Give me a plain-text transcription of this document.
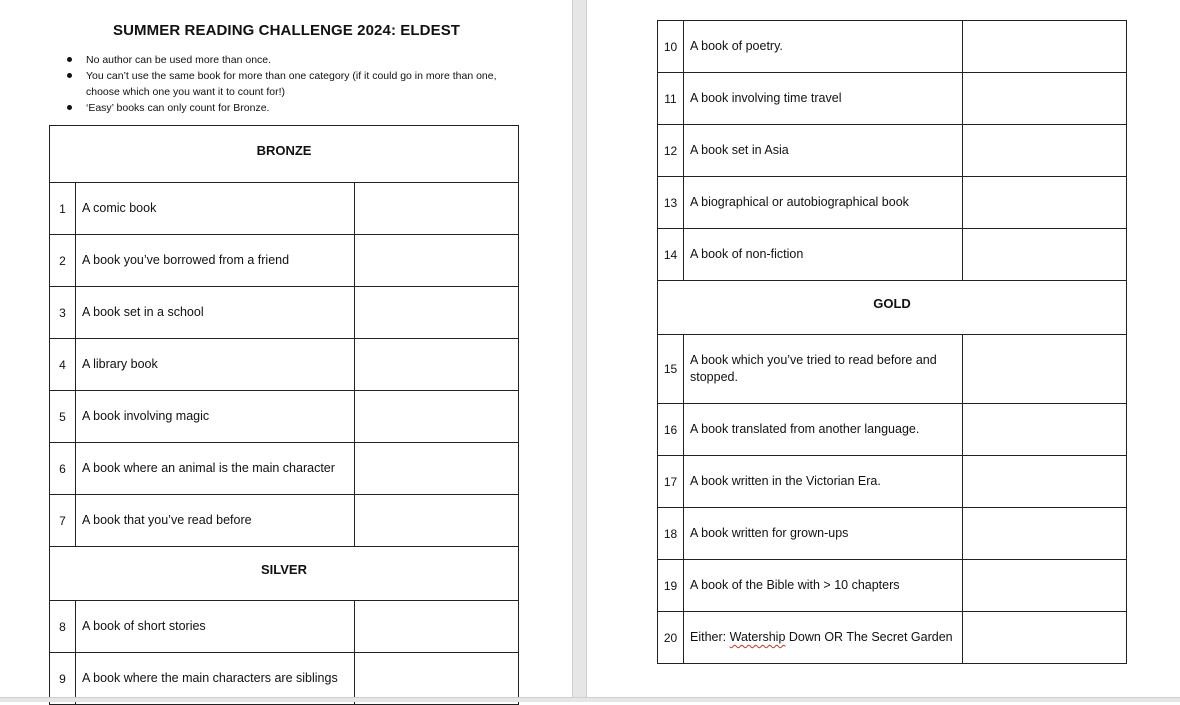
SUMMER READING CHALLENGE 2024: ELDEST
No author can be used more than once.
You can’t use the same book for more than one category (if it could go in more than one, choose which one you want it to count for!)
‘Easy’ books can only count for Bronze.
BRONZE		
1	A comic book	
2	A book you’ve borrowed from a friend	
3	A book set in a school	
4	A library book	
5	A book involving magic	
6	A book where an animal is the main character	
7	A book that you’ve read before	
SILVER		
8	A book of short stories	
9	A book where the main characters are siblings	
10	A book of poetry.	
11	A book involving time travel	
12	A book set in Asia	
13	A biographical or autobiographical book	
14	A book of non-fiction	
GOLD		
15	A book which you’ve tried to read before and stopped.	
16	A book translated from another language.	
17	A book written in the Victorian Era.	
18	A book written for grown-ups	
19	A book of the Bible with > 10 chapters	
20	Either: Watership Down OR The Secret Garden	
